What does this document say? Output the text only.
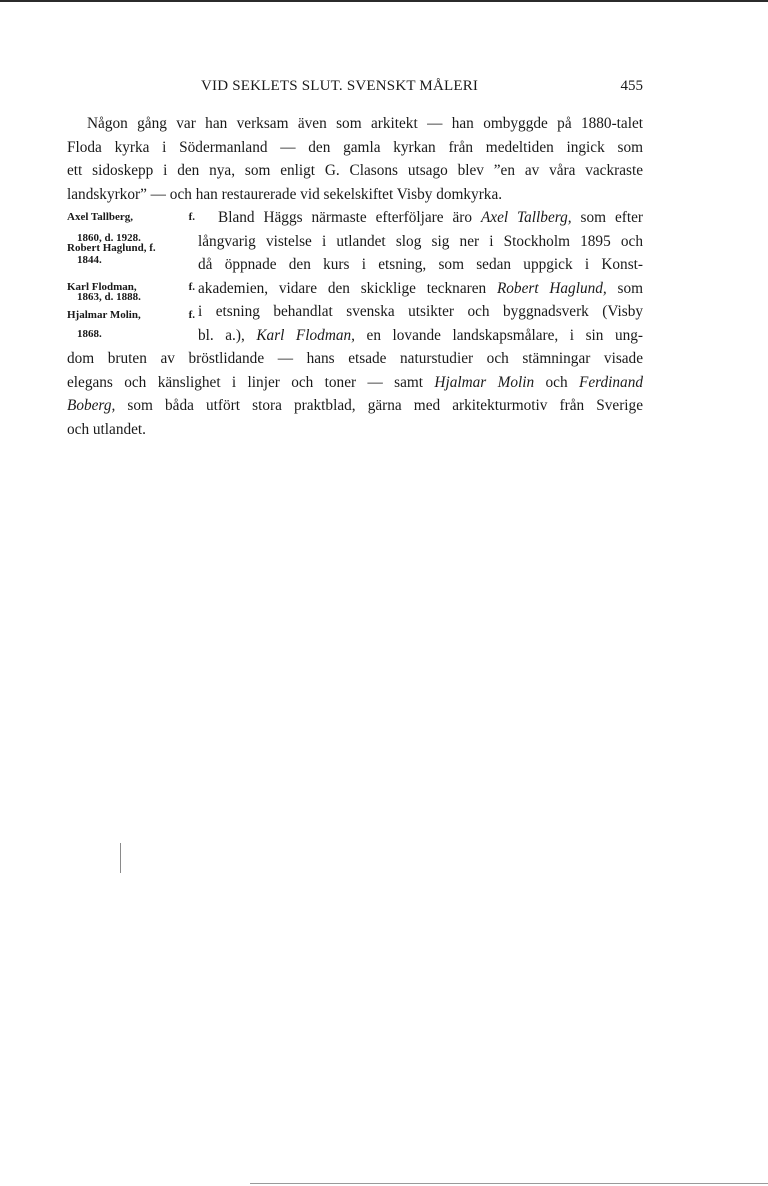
VID SEKLETS SLUT. SVENSKT MÅLERI	455
Någon gång var han verksam även som arkitekt — han ombyggde på 1880-talet
Floda kyrka i Södermanland — den gamla kyrkan från medeltiden ingick som
ett sidoskepp i den nya, som enligt G. Clasons utsago blev ”en av våra vackraste
landskyrkor” — och han restaurerade vid sekelskiftet Visby domkyrka.
Axel Tallberg,	f.	Bland Häggs närmaste efterföljare äro Axel Tallberg, som efter
1860, d. 1928.
Robert Haglund, f.	långvarig vistelse i utlandet slog sig ner i Stockholm 1895 och
1844.	då öppnade den kurs i etsning, som sedan uppgick i Konst-
Karl Flodman,	f.
1863, d. 1888.
akademien, vidare den skicklige tecknaren Robert Haglund, som
Hjalmar Molin,	f. i etsning behandlat svenska utsikter och byggnadsverk (Visby
1868.	bl. a.), Karl Flodman, en lovande landskapsmålare, i sin ung-
dom bruten av bröstlidande — hans etsade naturstudier och stämningar visade
elegans och känslighet i linjer och toner — samt Hjalmar Molin och Ferdinand
Boberg, som båda utfört stora praktblad, gärna med arkitekturmotiv från Sverige
och utlandet.
